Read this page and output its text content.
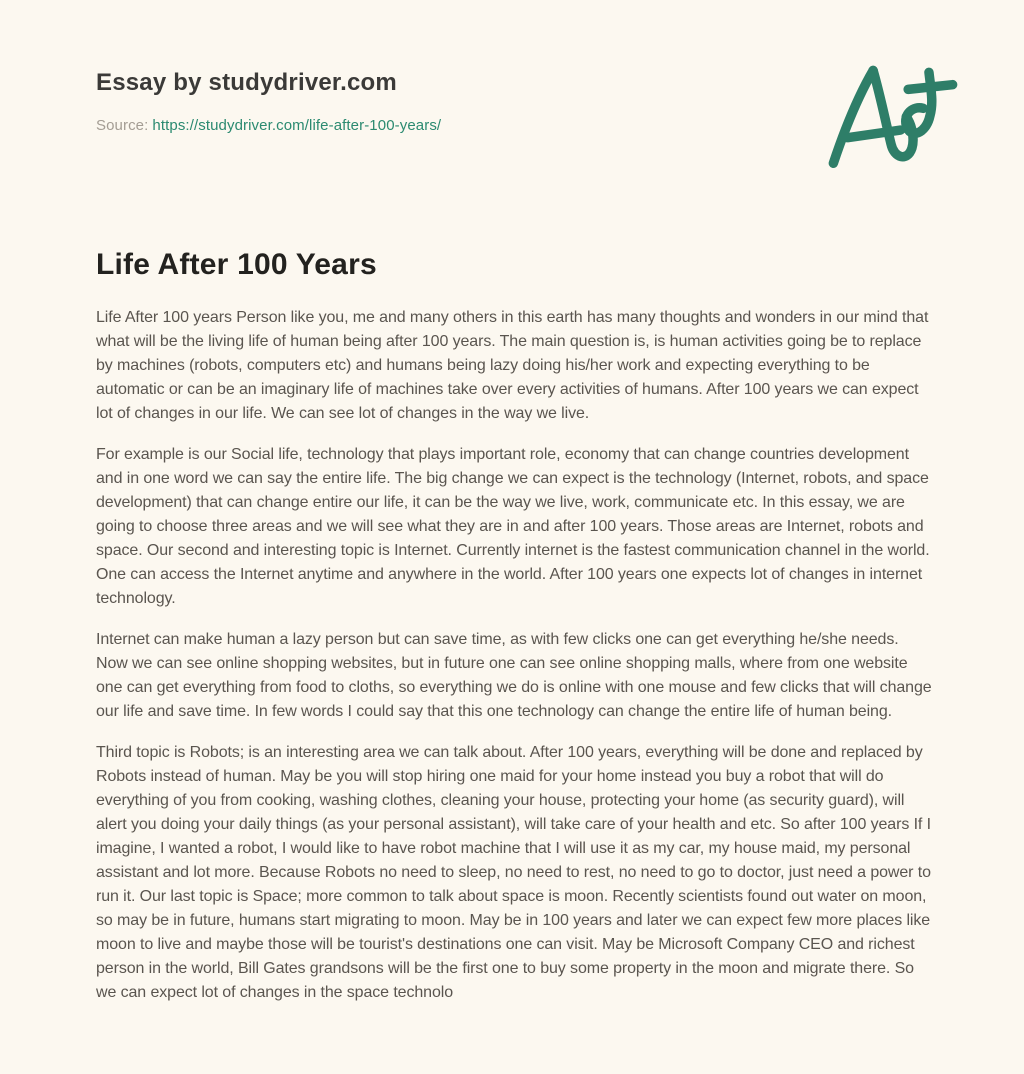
Essay by studydriver.com

Source: https://studydriver.com/life-after-100-years/

Life After 100 Years

Life After 100 years Person like you, me and many others in this earth has many thoughts and wonders in our mind that what will be the living life of human being after 100 years. The main question is, is human activities going be to replace by machines (robots, computers etc) and humans being lazy doing his/her work and expecting everything to be automatic or can be an imaginary life of machines take over every activities of humans. After 100 years we can expect lot of changes in our life. We can see lot of changes in the way we live.

For example is our Social life, technology that plays important role, economy that can change countries development and in one word we can say the entire life. The big change we can expect is the technology (Internet, robots, and space development) that can change entire our life, it can be the way we live, work, communicate etc. In this essay, we are going to choose three areas and we will see what they are in and after 100 years. Those areas are Internet, robots and space. Our second and interesting topic is Internet. Currently internet is the fastest communication channel in the world. One can access the Internet anytime and anywhere in the world. After 100 years one expects lot of changes in internet technology.

Internet can make human a lazy person but can save time, as with few clicks one can get everything he/she needs. Now we can see online shopping websites, but in future one can see online shopping malls, where from one website one can get everything from food to cloths, so everything we do is online with one mouse and few clicks that will change our life and save time. In few words I could say that this one technology can change the entire life of human being.

Third topic is Robots; is an interesting area we can talk about. After 100 years, everything will be done and replaced by Robots instead of human. May be you will stop hiring one maid for your home instead you buy a robot that will do everything of you from cooking, washing clothes, cleaning your house, protecting your home (as security guard), will alert you doing your daily things (as your personal assistant), will take care of your health and etc. So after 100 years If I imagine, I wanted a robot, I would like to have robot machine that I will use it as my car, my house maid, my personal assistant and lot more. Because Robots no need to sleep, no need to rest, no need to go to doctor, just need a power to run it. Our last topic is Space; more common to talk about space is moon. Recently scientists found out water on moon, so may be in future, humans start migrating to moon. May be in 100 years and later we can expect few more places like moon to live and maybe those will be tourist's destinations one can visit. May be Microsoft Company CEO and richest person in the world, Bill Gates grandsons will be the first one to buy some property in the moon and migrate there. So we can expect lot of changes in the space technolo
